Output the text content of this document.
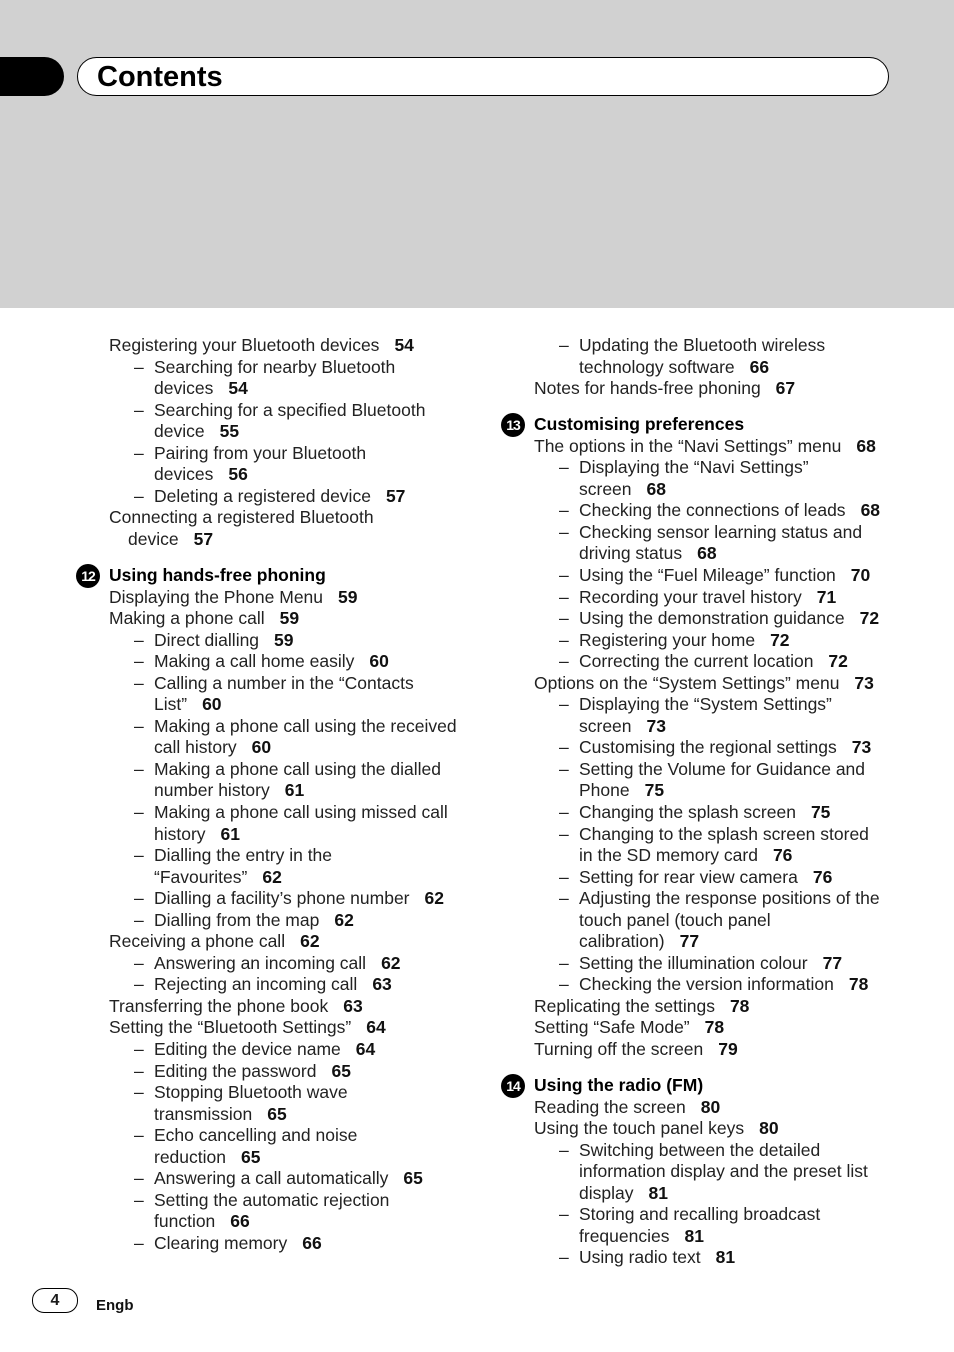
Contents
Registering your Bluetooth devices 54
– Searching for nearby Bluetooth
devices 54
– Searching for a specified Bluetooth
device 55
– Pairing from your Bluetooth
devices 56
– Deleting a registered device 57
Connecting a registered Bluetooth
device 57
12 Using hands-free phoning
Displaying the Phone Menu 59
Making a phone call 59
– Direct dialling 59
– Making a call home easily 60
– Calling a number in the “Contacts
List” 60
– Making a phone call using the received
call history 60
– Making a phone call using the dialled
number history 61
– Making a phone call using missed call
history 61
– Dialling the entry in the
“Favourites” 62
– Dialling a facility’s phone number 62
– Dialling from the map 62
Receiving a phone call 62
– Answering an incoming call 62
– Rejecting an incoming call 63
Transferring the phone book 63
Setting the “Bluetooth Settings” 64
– Editing the device name 64
– Editing the password 65
– Stopping Bluetooth wave
transmission 65
– Echo cancelling and noise
reduction 65
– Answering a call automatically 65
– Setting the automatic rejection
function 66
– Clearing memory 66
– Updating the Bluetooth wireless
technology software 66
Notes for hands-free phoning 67
13 Customising preferences
The options in the “Navi Settings” menu 68
– Displaying the “Navi Settings”
screen 68
– Checking the connections of leads 68
– Checking sensor learning status and
driving status 68
– Using the “Fuel Mileage” function 70
– Recording your travel history 71
– Using the demonstration guidance 72
– Registering your home 72
– Correcting the current location 72
Options on the “System Settings” menu 73
– Displaying the “System Settings”
screen 73
– Customising the regional settings 73
– Setting the Volume for Guidance and
Phone 75
– Changing the splash screen 75
– Changing to the splash screen stored
in the SD memory card 76
– Setting for rear view camera 76
– Adjusting the response positions of the
touch panel (touch panel
calibration) 77
– Setting the illumination colour 77
– Checking the version information 78
Replicating the settings 78
Setting “Safe Mode” 78
Turning off the screen 79
14 Using the radio (FM)
Reading the screen 80
Using the touch panel keys 80
– Switching between the detailed
information display and the preset list
display 81
– Storing and recalling broadcast
frequencies 81
– Using radio text 81
4	Engb
